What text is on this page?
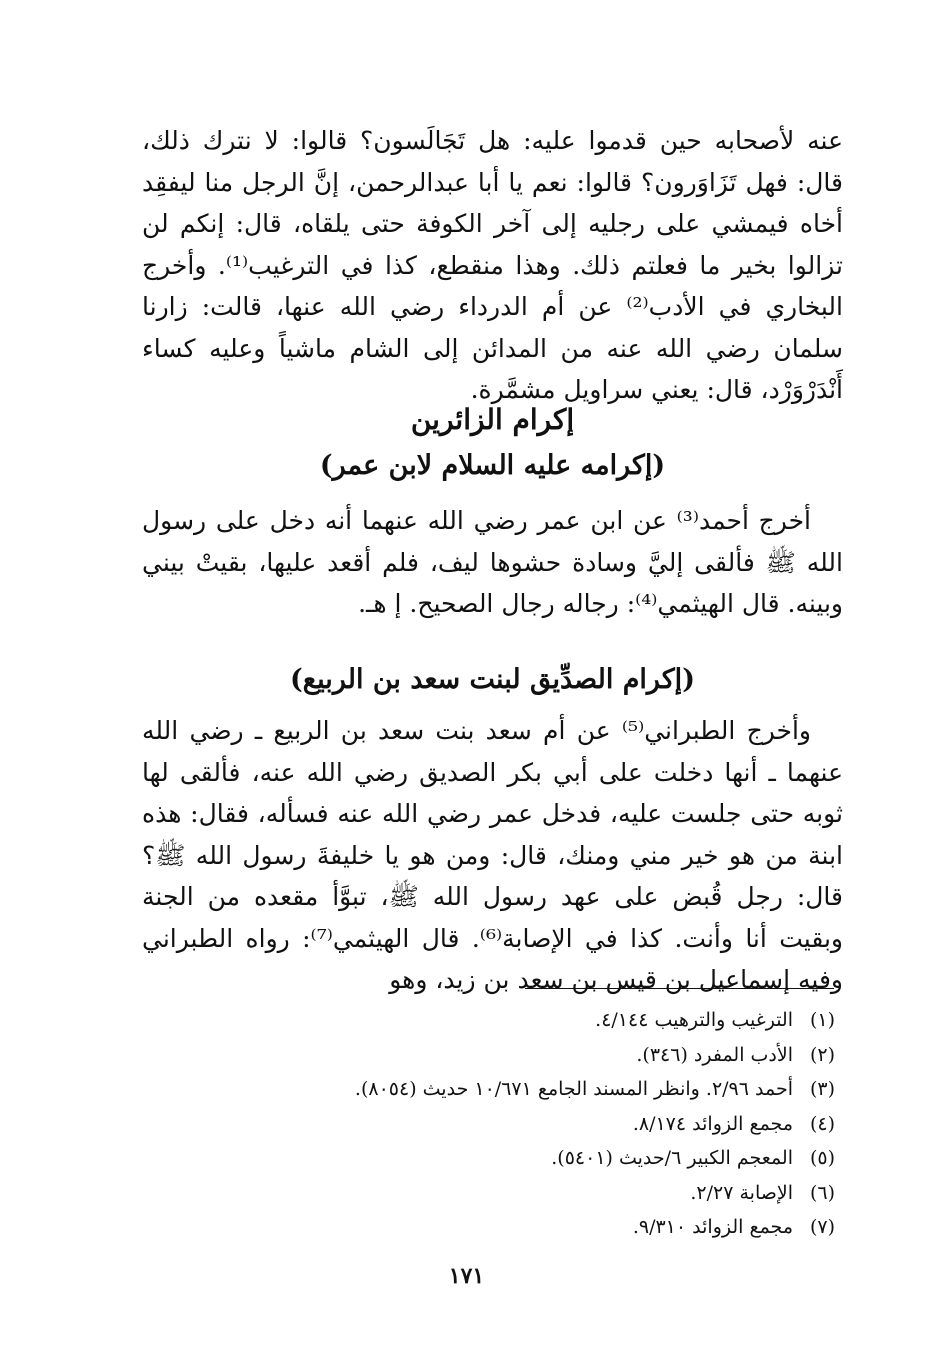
عنه لأصحابه حين قدموا عليه: هل تَجَالَسون؟ قالوا: لا نترك ذلك، قال: فهل تَزَاوَرون؟ قالوا: نعم يا أبا عبدالرحمن، إنَّ الرجل منا ليفقِد أخاه فيمشي على رجليه إلى آخر الكوفة حتى يلقاه، قال: إنكم لن تزالوا بخير ما فعلتم ذلك. وهذا منقطع، كذا في الترغيب⁽¹⁾. وأخرج البخاري في الأدب⁽²⁾ عن أم الدرداء رضي الله عنها، قالت: زارنا سلمان رضي الله عنه من المدائن إلى الشام ماشياً وعليه كساء أَنْدَرْوَرْد، قال: يعني سراويل مشمَّرة.

إكرام الزائرين
(إكرامه عليه السلام لابن عمر)

أخرج أحمد⁽³⁾ عن ابن عمر رضي الله عنهما أنه دخل على رسول الله ﷺ فألقى إليَّ وسادة حشوها ليف، فلم أقعد عليها، بقيتْ بيني وبينه. قال الهيثمي⁽⁴⁾: رجاله رجال الصحيح. إ هـ.

(إكرام الصدِّيق لبنت سعد بن الربيع)

وأخرج الطبراني⁽⁵⁾ عن أم سعد بنت سعد بن الربيع ـ رضي الله عنهما ـ أنها دخلت على أبي بكر الصديق رضي الله عنه، فألقى لها ثوبه حتى جلست عليه، فدخل عمر رضي الله عنه فسأله، فقال: هذه ابنة من هو خير مني ومنك، قال: ومن هو يا خليفةَ رسول الله ﷺ؟ قال: رجل قُبض على عهد رسول الله ﷺ، تبوَّأ مقعده من الجنة وبقيت أنا وأنت. كذا في الإصابة⁽⁶⁾. قال الهيثمي⁽⁷⁾: رواه الطبراني وفيه إسماعيل بن قيس بن سعد بن زيد، وهو

(١)
الترغيب والترهيب ٤/١٤٤.
(٢)
الأدب المفرد (٣٤٦).
(٣)
أحمد ٢/٩٦. وانظر المسند الجامع ١٠/٦٧١ حديث (٨٠٥٤).
(٤)
مجمع الزوائد ٨/١٧٤.
(٥)
المعجم الكبير ٦/حديث (٥٤٠١).
(٦)
الإصابة ٢/٢٧.
(٧)
مجمع الزوائد ٩/٣١٠.
١٧١
